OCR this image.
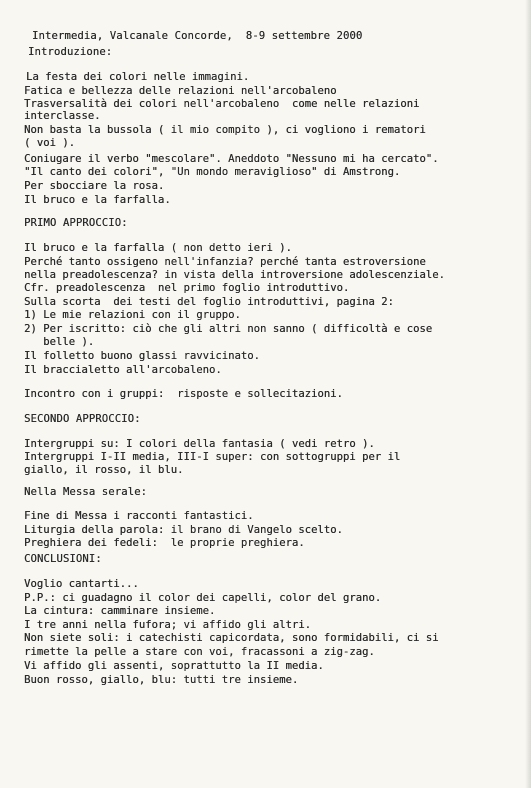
Intermedia, Valcanale Concorde,  8-9 settembre 2000
Introduzione:
La festa dei colori nelle immagini.
Fatica e bellezza delle relazioni nell'arcobaleno
Trasversalità dei colori nell'arcobaleno  come nelle relazioni
interclasse.
Non basta la bussola ( il mio compito ), ci vogliono i rematori
( voi ).
Coniugare il verbo "mescolare". Aneddoto "Nessuno mi ha cercato".
"Il canto dei colori", "Un mondo meraviglioso" di Amstrong.
Per sbocciare la rosa.
Il bruco e la farfalla.
PRIMO APPROCCIO:
Il bruco e la farfalla ( non detto ieri ).
Perché tanto ossigeno nell'infanzia? perché tanta estroversione
nella preadolescenza? in vista della introversione adolescenziale.
Cfr. preadolescenza  nel primo foglio introduttivo.
Sulla scorta  dei testi del foglio introduttivi, pagina 2:
1) Le mie relazioni con il gruppo.
2) Per iscritto: ciò che gli altri non sanno ( difficoltà e cose
belle ).
Il folletto buono glassi ravvicinato.
Il braccialetto all'arcobaleno.
Incontro con i gruppi:  risposte e sollecitazioni.
SECONDO APPROCCIO:
Intergruppi su: I colori della fantasia ( vedi retro ).
Intergruppi I-II media, III-I super: con sottogruppi per il
giallo, il rosso, il blu.
Nella Messa serale:
Fine di Messa i racconti fantastici.
Liturgia della parola: il brano di Vangelo scelto.
Preghiera dei fedeli:  le proprie preghiera.
CONCLUSIONI:
Voglio cantarti...
P.P.: ci guadagno il color dei capelli, color del grano.
La cintura: camminare insieme.
I tre anni nella fufora; vi affido gli altri.
Non siete soli: i catechisti capicordata, sono formidabili, ci si
rimette la pelle a stare con voi, fracassoni a zig-zag.
Vi affido gli assenti, soprattutto la II media.
Buon rosso, giallo, blu: tutti tre insieme.
